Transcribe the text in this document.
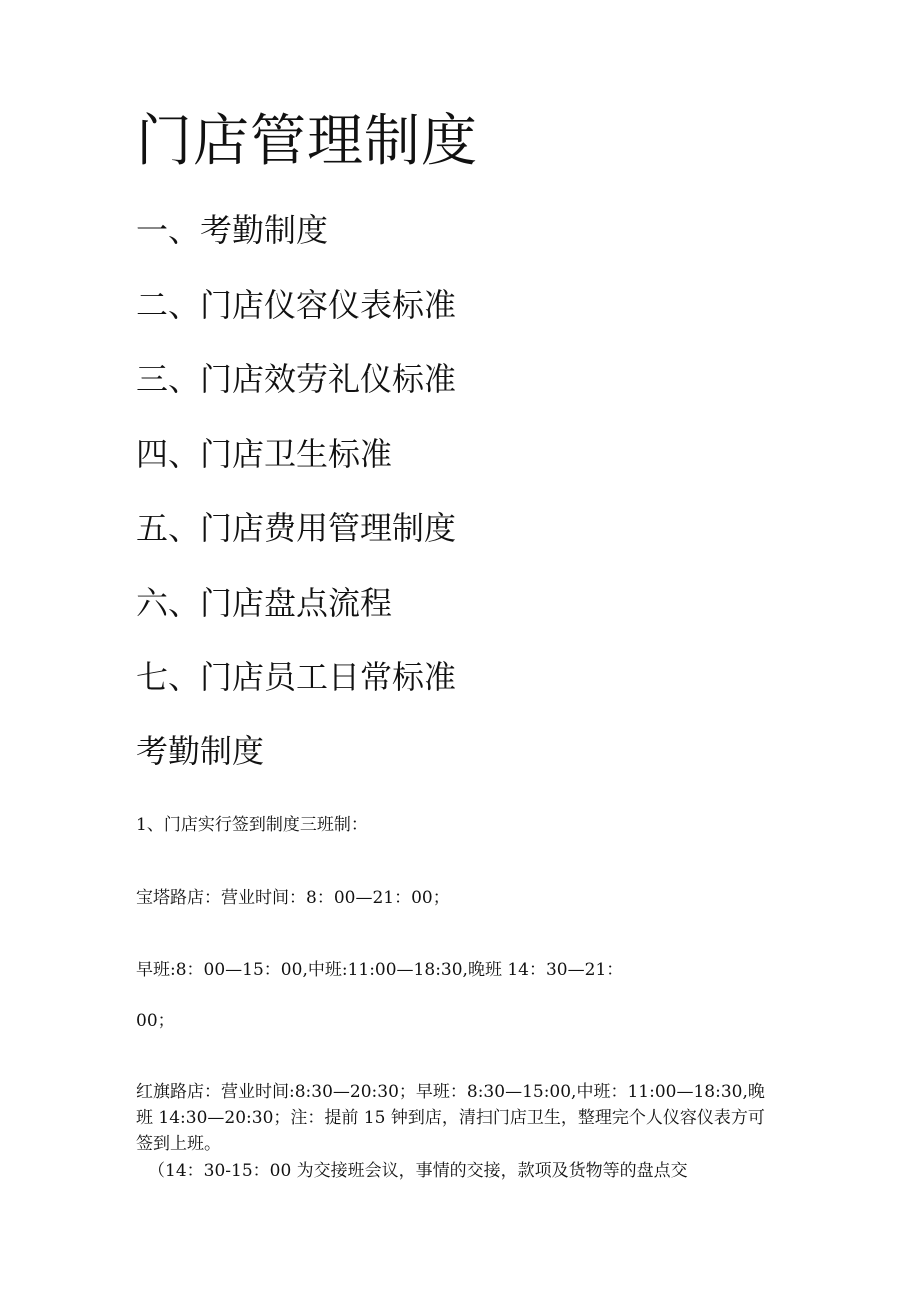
门店管理制度
一、考勤制度
二、门店仪容仪表标准
三、门店效劳礼仪标准
四、门店卫生标准
五、门店费用管理制度
六、门店盘点流程
七、门店员工日常标准
考勤制度

1、门店实行签到制度三班制：

宝塔路店：营业时间：8：00—21：00；

早班:8：00—15：00,中班:11:00—18:30,晚班 14：30—21：

00；

红旗路店：营业时间:8:30—20:30；早班：8:30—15:00,中班：11:00—18:30,晚班 14:30—20:30；注：提前 15 钟到店，清扫门店卫生，整理完个人仪容仪表方可签到上班。

（14：30-15：00 为交接班会议，事情的交接，款项及货物等的盘点交
